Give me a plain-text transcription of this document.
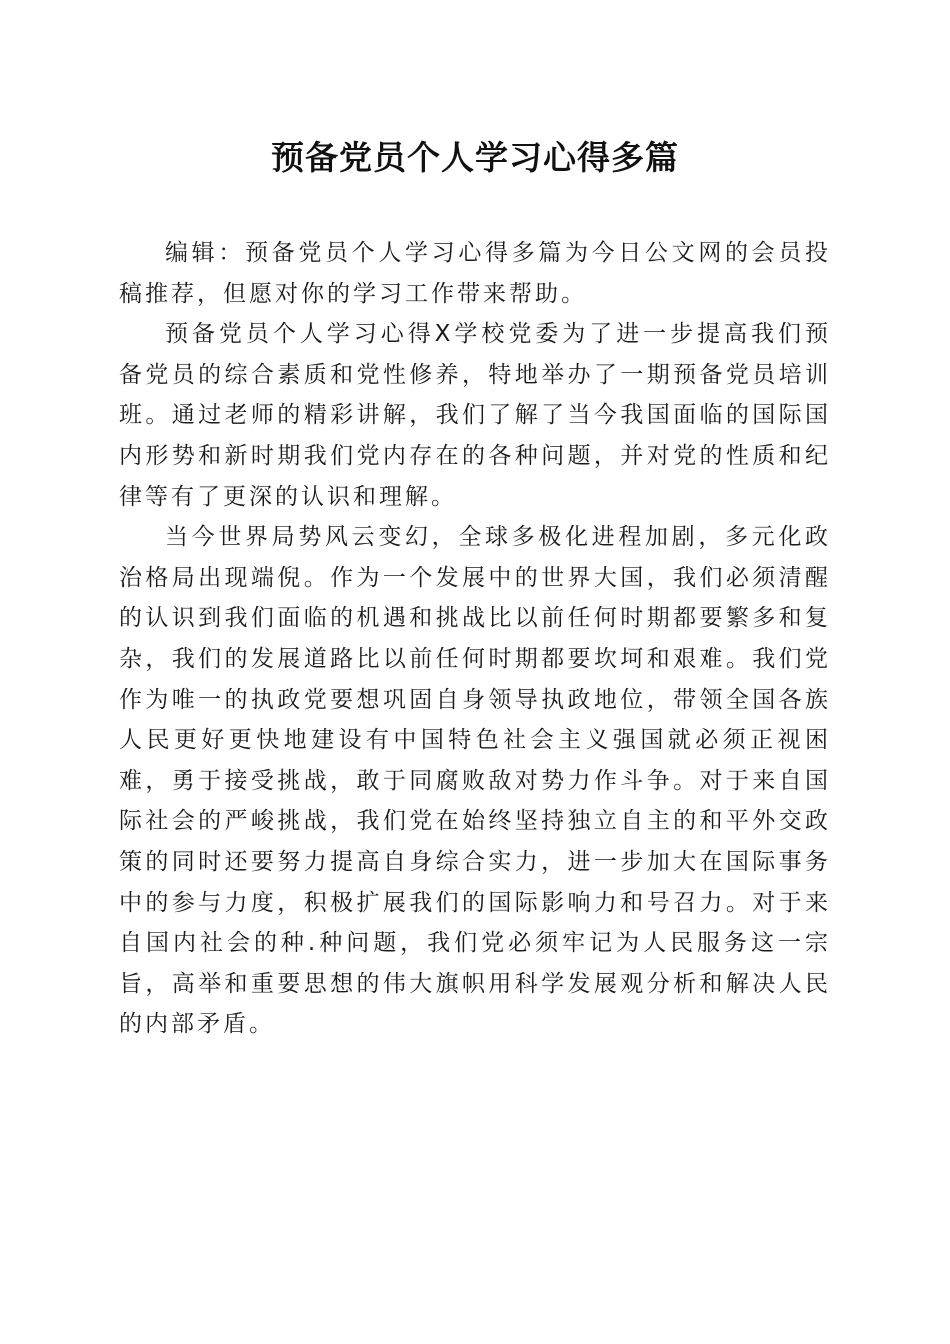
预备党员个人学习心得多篇

编辑：预备党员个人学习心得多篇为今日公文网的会员投稿推荐，但愿对你的学习工作带来帮助。

预备党员个人学习心得X学校党委为了进一步提高我们预备党员的综合素质和党性修养，特地举办了一期预备党员培训班。通过老师的精彩讲解，我们了解了当今我国面临的国际国内形势和新时期我们党内存在的各种问题，并对党的性质和纪律等有了更深的认识和理解。

当今世界局势风云变幻，全球多极化进程加剧，多元化政治格局出现端倪。作为一个发展中的世界大国，我们必须清醒的认识到我们面临的机遇和挑战比以前任何时期都要繁多和复杂，我们的发展道路比以前任何时期都要坎坷和艰难。我们党作为唯一的执政党要想巩固自身领导执政地位，带领全国各族人民更好更快地建设有中国特色社会主义强国就必须正视困难，勇于接受挑战，敢于同腐败敌对势力作斗争。对于来自国际社会的严峻挑战，我们党在始终坚持独立自主的和平外交政策的同时还要努力提高自身综合实力，进一步加大在国际事务中的参与力度，积极扩展我们的国际影响力和号召力。对于来自国内社会的种.种问题，我们党必须牢记为人民服务这一宗旨，高举和重要思想的伟大旗帜用科学发展观分析和解决人民的内部矛盾。
